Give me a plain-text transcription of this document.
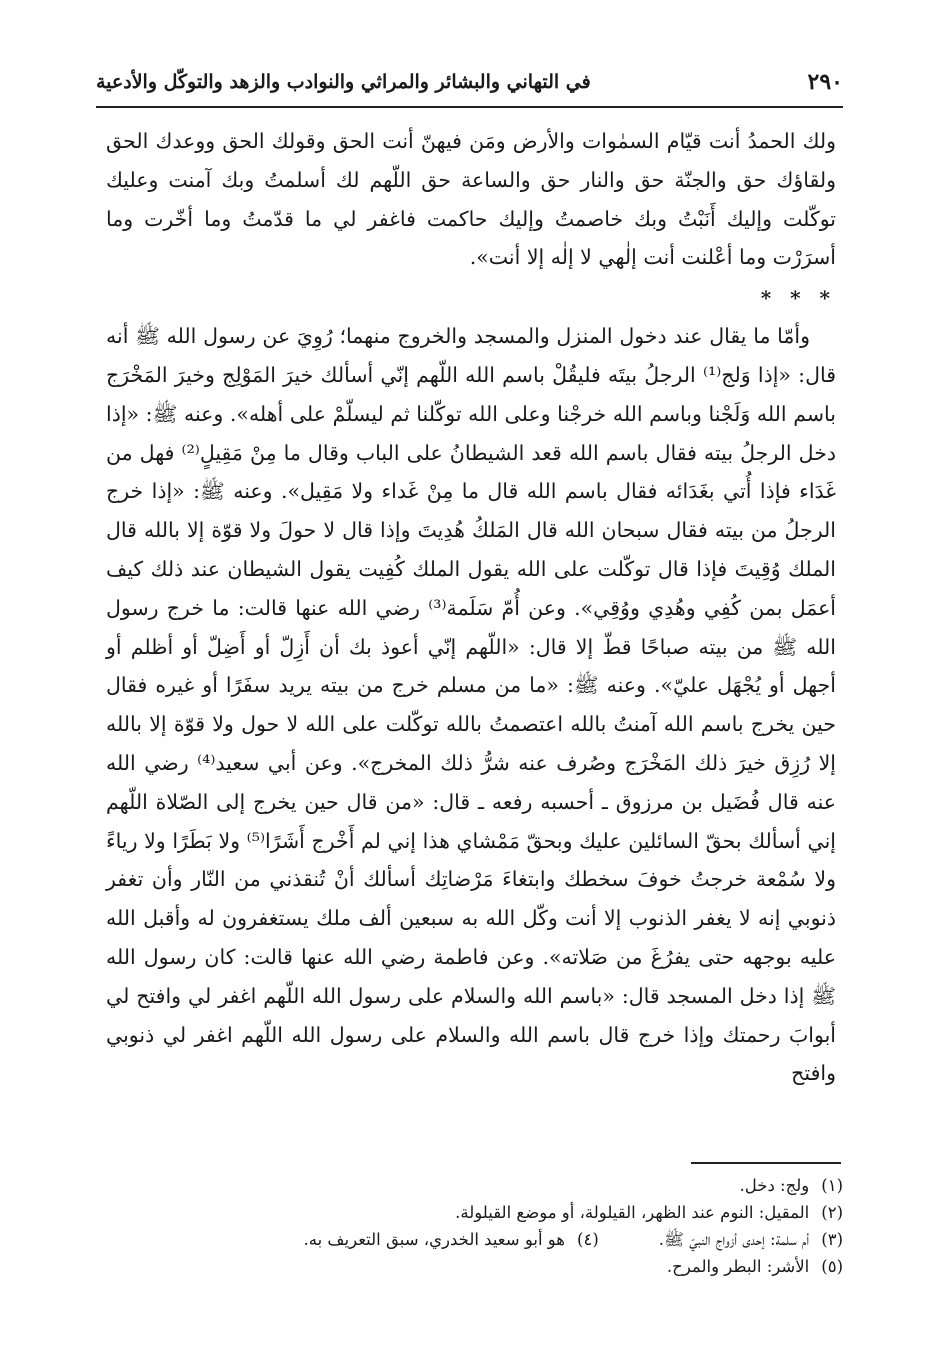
٢٩٠
في التهاني والبشائر والمراثي والنوادب والزهد والتوكّل والأدعية

ولك الحمدُ أنت قيّام السمٰوات والأرض ومَن فيهنّ أنت الحق وقولك الحق ووعدك الحق ولقاؤك حق والجنّة حق والنار حق والساعة حق اللّهم لك أسلمتُ وبك آمنت وعليك توكّلت وإليك أَنَبْتُ وبك خاصمتُ وإليك حاكمت فاغفر لي ما قدّمتُ وما أخّرت وما أسرَرْت وما أعْلنت أنت إلٰهي لا إلٰه إلا أنت».

* * *

وأمّا ما يقال عند دخول المنزل والمسجد والخروج منهما؛ رُوِيَ عن رسول الله ﷺ أنه قال: «إذا وَلج⁽¹⁾ الرجلُ بيتَه فليقُلْ باسم الله اللّهم إنّي أسألك خيرَ المَوْلِج وخيرَ المَخْرَج باسم الله وَلَجْنا وباسم الله خرجْنا وعلى الله توكّلنا ثم ليسلّمْ على أهله». وعنه ﷺ: «إذا دخل الرجلُ بيته فقال باسم الله قعد الشيطانُ على الباب وقال ما مِنْ مَقِيلٍ⁽²⁾ فهل من غَدَاء فإذا أُتي بغَدَائه فقال باسم الله قال ما مِنْ غَداء ولا مَقِيل». وعنه ﷺ: «إذا خرج الرجلُ من بيته فقال سبحان الله قال المَلكُ هُدِيتَ وإذا قال لا حولَ ولا قوّة إلا بالله قال الملك وُقِيتَ فإذا قال توكّلت على الله يقول الملك كُفِيت يقول الشيطان عند ذلك كيف أعمَل بمن كُفِي وهُدِي ووُقِي». وعن أُمّ سَلَمة⁽³⁾ رضي الله عنها قالت: ما خرج رسول الله ﷺ من بيته صباحًا قطّ إلا قال: «اللّهم إنّي أعوذ بك أن أَزِلّ أو أَضِلّ أو أظلم أو أجهل أو يُجْهَل عليّ». وعنه ﷺ: «ما من مسلم خرج من بيته يريد سفَرًا أو غيره فقال حين يخرج باسم الله آمنتُ بالله اعتصمتُ بالله توكّلت على الله لا حول ولا قوّة إلا بالله إلا رُزِق خيرَ ذلك المَخْرَج وصُرف عنه شرُّ ذلك المخرج». وعن أبي سعيد⁽⁴⁾ رضي الله عنه قال فُضَيل بن مرزوق ـ أحسبه رفعه ـ قال: «من قال حين يخرج إلى الصّلاة اللّهم إني أسألك بحقّ السائلين عليك وبحقّ مَمْشاي هذا إني لم أَخْرج أَشَرًا⁽⁵⁾ ولا بَطَرًا ولا رياءً ولا سُمْعة خرجتُ خوفَ سخطك وابتغاءَ مَرْضاتِك أسألك أنْ تُنقذني من النّار وأن تغفر ذنوبي إنه لا يغفر الذنوب إلا أنت وكّل الله به سبعين ألف ملك يستغفرون له وأقبل الله عليه بوجهه حتى يفرُغَ من صَلاته». وعن فاطمة رضي الله عنها قالت: كان رسول الله ﷺ إذا دخل المسجد قال: «باسم الله والسلام على رسول الله اللّهم اغفر لي وافتح لي أبوابَ رحمتك وإذا خرج قال باسم الله والسلام على رسول الله اللّهم اغفر لي ذنوبي وافتح

(١)ولج: دخل.
(٢)المقيل: النوم عند الظهر، القيلولة، أو موضع القيلولة.
(٣)أم سلمة: إحدى أزواج النبيّ ﷺ.
(٤)هو أبو سعيد الخدري، سبق التعريف به.
(٥)الأشر: البطر والمرح.
